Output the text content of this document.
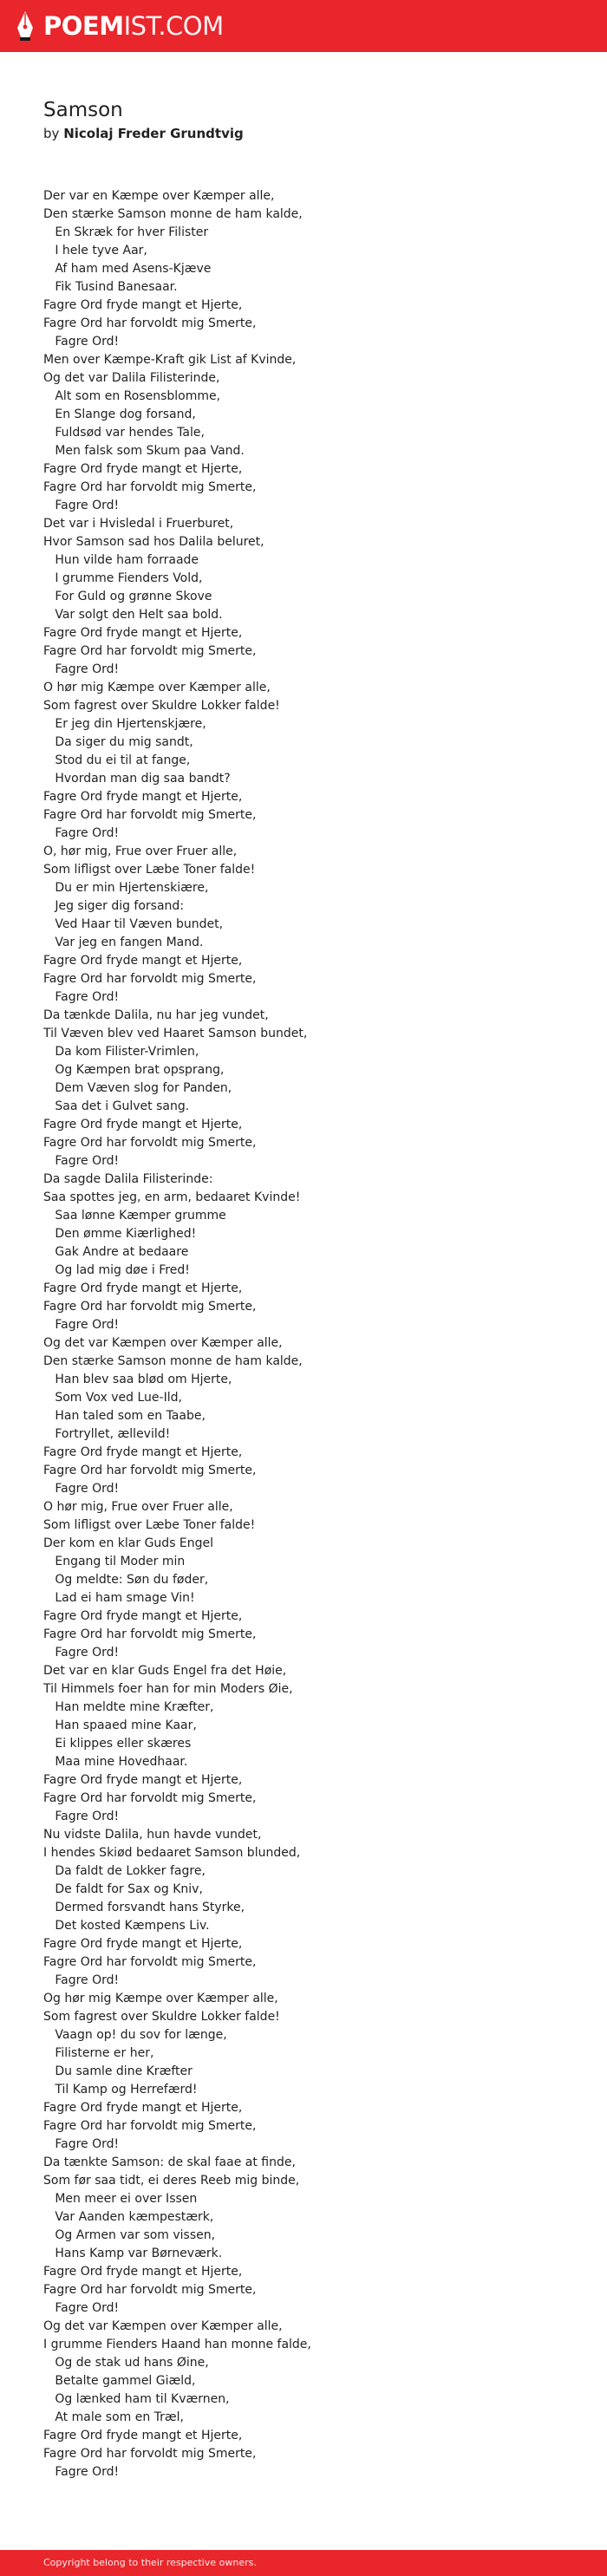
POEMIST.COM
Samson
by Nicolaj Freder Grundtvig
Der var en Kæmpe over Kæmper alle,
Den stærke Samson monne de ham kalde,
En Skræk for hver Filister
I hele tyve Aar,
Af ham med Asens-Kjæve
Fik Tusind Banesaar.
Fagre Ord fryde mangt et Hjerte,
Fagre Ord har forvoldt mig Smerte,
Fagre Ord!
Men over Kæmpe-Kraft gik List af Kvinde,
Og det var Dalila Filisterinde,
Alt som en Rosensblomme,
En Slange dog forsand,
Fuldsød var hendes Tale,
Men falsk som Skum paa Vand.
Fagre Ord fryde mangt et Hjerte,
Fagre Ord har forvoldt mig Smerte,
Fagre Ord!
Det var i Hvisledal i Fruerburet,
Hvor Samson sad hos Dalila beluret,
Hun vilde ham forraade
I grumme Fienders Vold,
For Guld og grønne Skove
Var solgt den Helt saa bold.
Fagre Ord fryde mangt et Hjerte,
Fagre Ord har forvoldt mig Smerte,
Fagre Ord!
O hør mig Kæmpe over Kæmper alle,
Som fagrest over Skuldre Lokker falde!
Er jeg din Hjertenskjære,
Da siger du mig sandt,
Stod du ei til at fange,
Hvordan man dig saa bandt?
Fagre Ord fryde mangt et Hjerte,
Fagre Ord har forvoldt mig Smerte,
Fagre Ord!
O, hør mig, Frue over Fruer alle,
Som lifligst over Læbe Toner falde!
Du er min Hjertenskiære,
Jeg siger dig forsand:
Ved Haar til Væven bundet,
Var jeg en fangen Mand.
Fagre Ord fryde mangt et Hjerte,
Fagre Ord har forvoldt mig Smerte,
Fagre Ord!
Da tænkde Dalila, nu har jeg vundet,
Til Væven blev ved Haaret Samson bundet,
Da kom Filister-Vrimlen,
Og Kæmpen brat opsprang,
Dem Væven slog for Panden,
Saa det i Gulvet sang.
Fagre Ord fryde mangt et Hjerte,
Fagre Ord har forvoldt mig Smerte,
Fagre Ord!
Da sagde Dalila Filisterinde:
Saa spottes jeg, en arm, bedaaret Kvinde!
Saa lønne Kæmper grumme
Den ømme Kiærlighed!
Gak Andre at bedaare
Og lad mig døe i Fred!
Fagre Ord fryde mangt et Hjerte,
Fagre Ord har forvoldt mig Smerte,
Fagre Ord!
Og det var Kæmpen over Kæmper alle,
Den stærke Samson monne de ham kalde,
Han blev saa blød om Hjerte,
Som Vox ved Lue-Ild,
Han taled som en Taabe,
Fortryllet, ællevild!
Fagre Ord fryde mangt et Hjerte,
Fagre Ord har forvoldt mig Smerte,
Fagre Ord!
O hør mig, Frue over Fruer alle,
Som lifligst over Læbe Toner falde!
Der kom en klar Guds Engel
Engang til Moder min
Og meldte: Søn du føder,
Lad ei ham smage Vin!
Fagre Ord fryde mangt et Hjerte,
Fagre Ord har forvoldt mig Smerte,
Fagre Ord!
Det var en klar Guds Engel fra det Høie,
Til Himmels foer han for min Moders Øie,
Han meldte mine Kræfter,
Han spaaed mine Kaar,
Ei klippes eller skæres
Maa mine Hovedhaar.
Fagre Ord fryde mangt et Hjerte,
Fagre Ord har forvoldt mig Smerte,
Fagre Ord!
Nu vidste Dalila, hun havde vundet,
I hendes Skiød bedaaret Samson blunded,
Da faldt de Lokker fagre,
De faldt for Sax og Kniv,
Dermed forsvandt hans Styrke,
Det kosted Kæmpens Liv.
Fagre Ord fryde mangt et Hjerte,
Fagre Ord har forvoldt mig Smerte,
Fagre Ord!
Og hør mig Kæmpe over Kæmper alle,
Som fagrest over Skuldre Lokker falde!
Vaagn op! du sov for længe,
Filisterne er her,
Du samle dine Kræfter
Til Kamp og Herrefærd!
Fagre Ord fryde mangt et Hjerte,
Fagre Ord har forvoldt mig Smerte,
Fagre Ord!
Da tænkte Samson: de skal faae at finde,
Som før saa tidt, ei deres Reeb mig binde,
Men meer ei over Issen
Var Aanden kæmpestærk,
Og Armen var som vissen,
Hans Kamp var Børneværk.
Fagre Ord fryde mangt et Hjerte,
Fagre Ord har forvoldt mig Smerte,
Fagre Ord!
Og det var Kæmpen over Kæmper alle,
I grumme Fienders Haand han monne falde,
Og de stak ud hans Øine,
Betalte gammel Giæld,
Og lænked ham til Kværnen,
At male som en Træl,
Fagre Ord fryde mangt et Hjerte,
Fagre Ord har forvoldt mig Smerte,
Fagre Ord!
Copyright belong to their respective owners.
